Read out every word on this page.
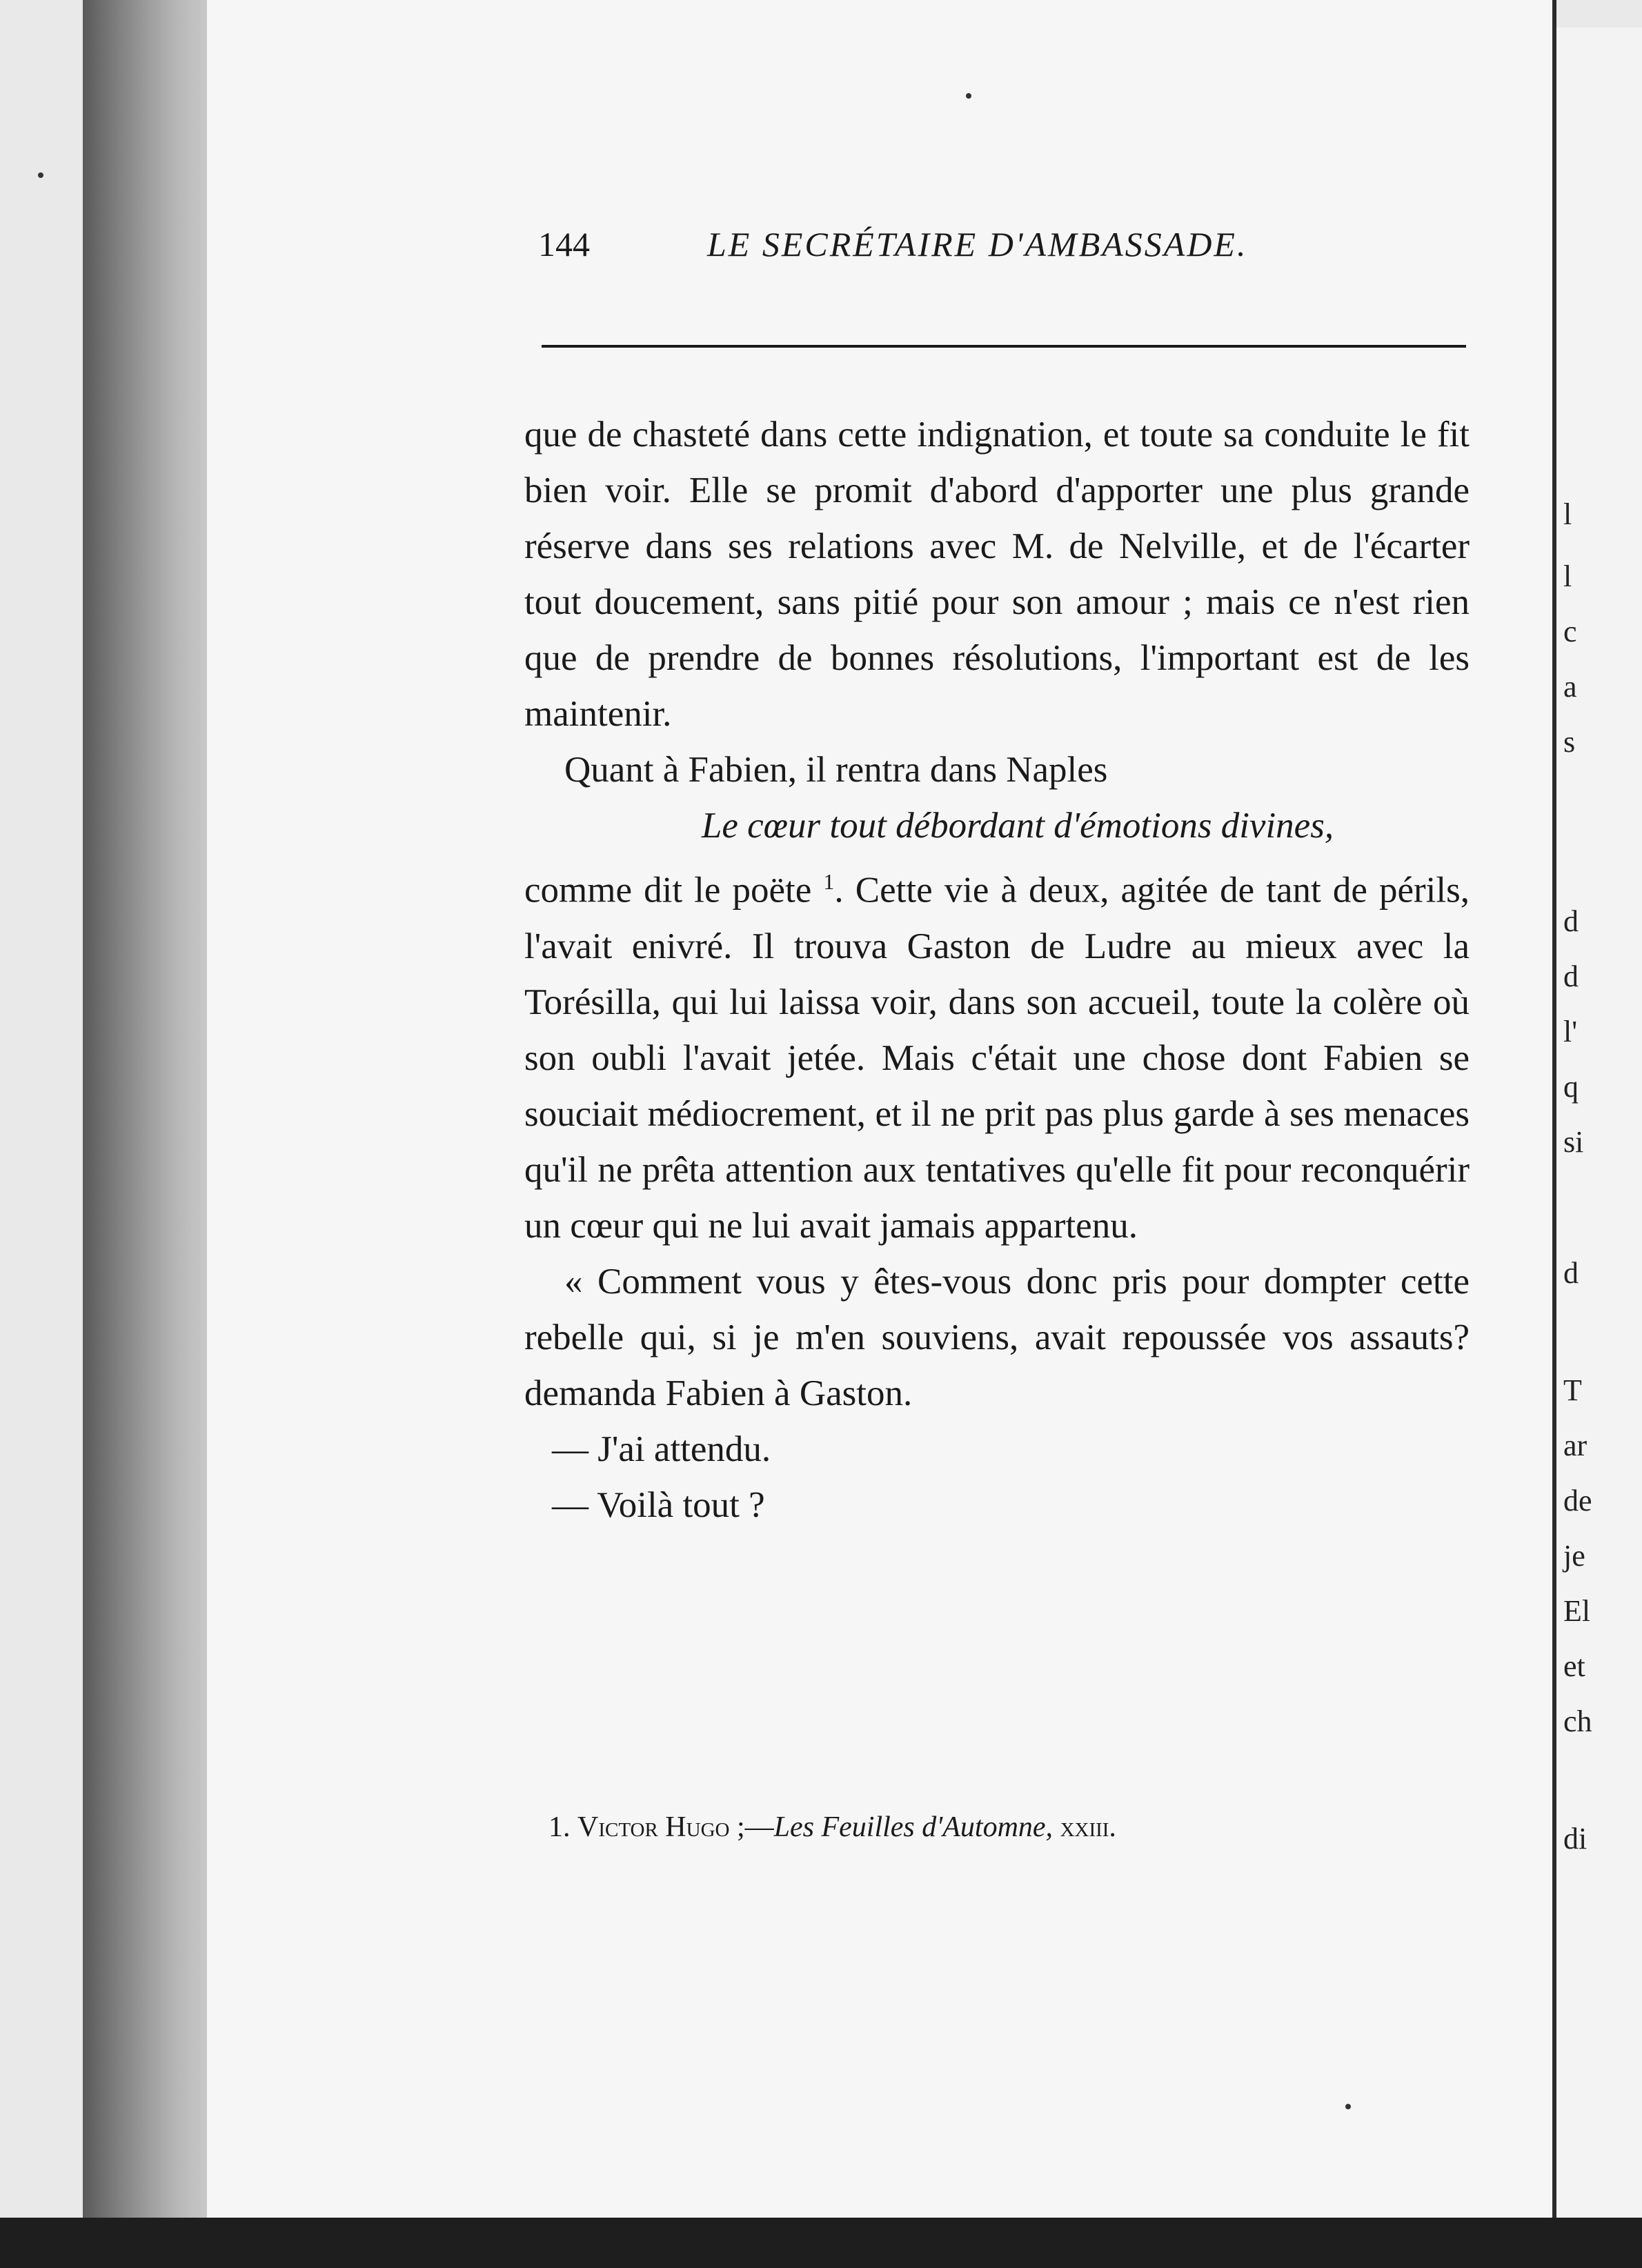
l
l
c
a
s
d
d
l'
q
si
d
T
ar
de
je
El
et
ch
di
144	LE SECRÉTAIRE D'AMBASSADE.

que de chasteté dans cette indignation, et toute sa conduite le fit bien voir. Elle se promit d'abord d'apporter une plus grande réserve dans ses relations avec M. de Nelville, et de l'écarter tout doucement, sans pitié pour son amour ; mais ce n'est rien que de prendre de bonnes résolutions, l'important est de les maintenir.

Quant à Fabien, il rentra dans Naples

Le cœur tout débordant d'émotions divines,

comme dit le poëte $^1$. Cette vie à deux, agitée de tant de périls, l'avait enivré. Il trouva Gaston de Ludre au mieux avec la Torésilla, qui lui laissa voir, dans son accueil, toute la colère où son oubli l'avait jetée. Mais c'était une chose dont Fabien se souciait médiocrement, et il ne prit pas plus garde à ses menaces qu'il ne prêta attention aux tentatives qu'elle fit pour reconquérir un cœur qui ne lui avait jamais appartenu.

« Comment vous y êtes-vous donc pris pour dompter cette rebelle qui, si je m'en souviens, avait repoussée vos assauts? demanda Fabien à Gaston.

— J'ai attendu.

— Voilà tout ?

1. Victor Hugo ;—Les Feuilles d'Automne, xxiii.
